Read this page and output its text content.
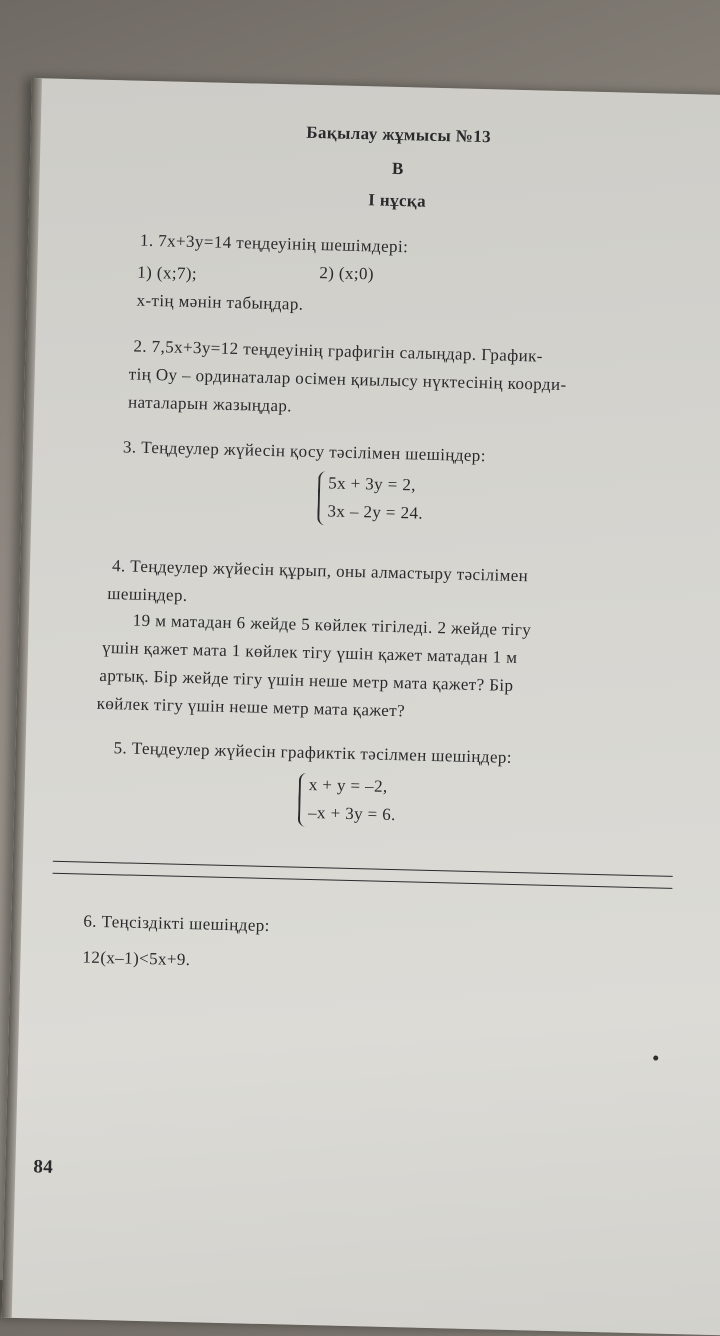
Бақылау жұмысы №13
B
I нұсқа
1. 7x+3y=14 теңдеуінің шешімдері:
1) (x;7);	2) (x;0)
x-тің мәнін табыңдар.
2. 7,5x+3y=12 теңдеуінің графигін салыңдар. График-
тің Oy – ординаталар осімен қиылысу нүктесінің коорди-
наталарын жазыңдар.
3. Теңдеулер жүйесін қосу тәсілімен шешіңдер:
5x + 3y = 2,
3x – 2y = 24.
4. Теңдеулер жүйесін құрып, оны алмастыру тәсілімен
шешіңдер.
19 м матадан 6 жейде 5 көйлек тігіледі. 2 жейде тігу
үшін қажет мата 1 көйлек тігу үшін қажет матадан 1 м
артық. Бір жейде тігу үшін неше метр мата қажет? Бір
көйлек тігу үшін неше метр мата қажет?
5. Теңдеулер жүйесін графиктік тәсілмен шешіңдер:
x + y = –2,
–x + 3y = 6.
6. Теңсіздікті шешіңдер:
12(x–1)<5x+9.
84
